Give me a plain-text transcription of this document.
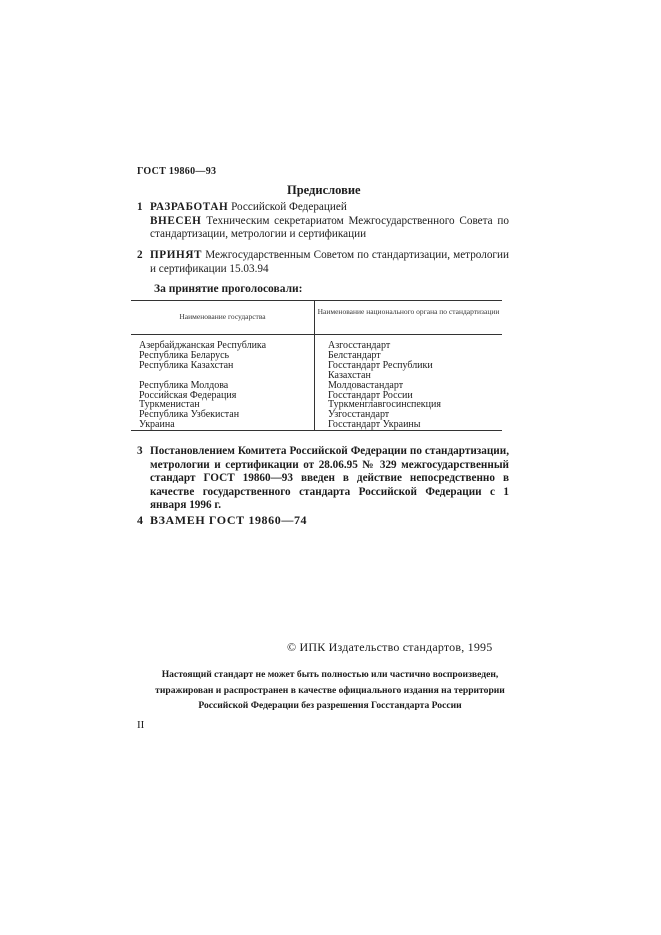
ГОСТ 19860—93
Предисловие
1 РАЗРАБОТАН Российской Федерацией
ВНЕСЕН Техническим секретариатом Межгосударственного Совета по стандартизации, метрологии и сертификации
2 ПРИНЯТ Межгосударственным Советом по стандартизации, метрологии и сертификации 15.03.94
За принятие проголосовали:
Наименование государства
Наименование национального органа по стандартизации
Азербайджанская Республика
Республика Беларусь
Республика Казахстан

Республика Молдова
Российская Федерация
Туркменистан
Республика Узбекистан
Украина
Азгосстандарт
Белстандарт
Госстандарт Республики
Казахстан
Молдовастандарт
Госстандарт России
Туркменглавгосинспекция
Узгосстандарт
Госстандарт Украины
3 Постановлением Комитета Российской Федерации по стандартизации, метрологии и сертификации от 28.06.95 № 329 межгосударственный стандарт ГОСТ 19860—93 введен в действие непосредственно в качестве государственного стандарта Российской Федерации с 1 января 1996 г.
4 ВЗАМЕН ГОСТ 19860—74
© ИПК Издательство стандартов, 1995
Настоящий стандарт не может быть полностью или частично воспроизведен, тиражирован и распространен в качестве официального издания на территории Российской Федерации без разрешения Госстандарта России
II
